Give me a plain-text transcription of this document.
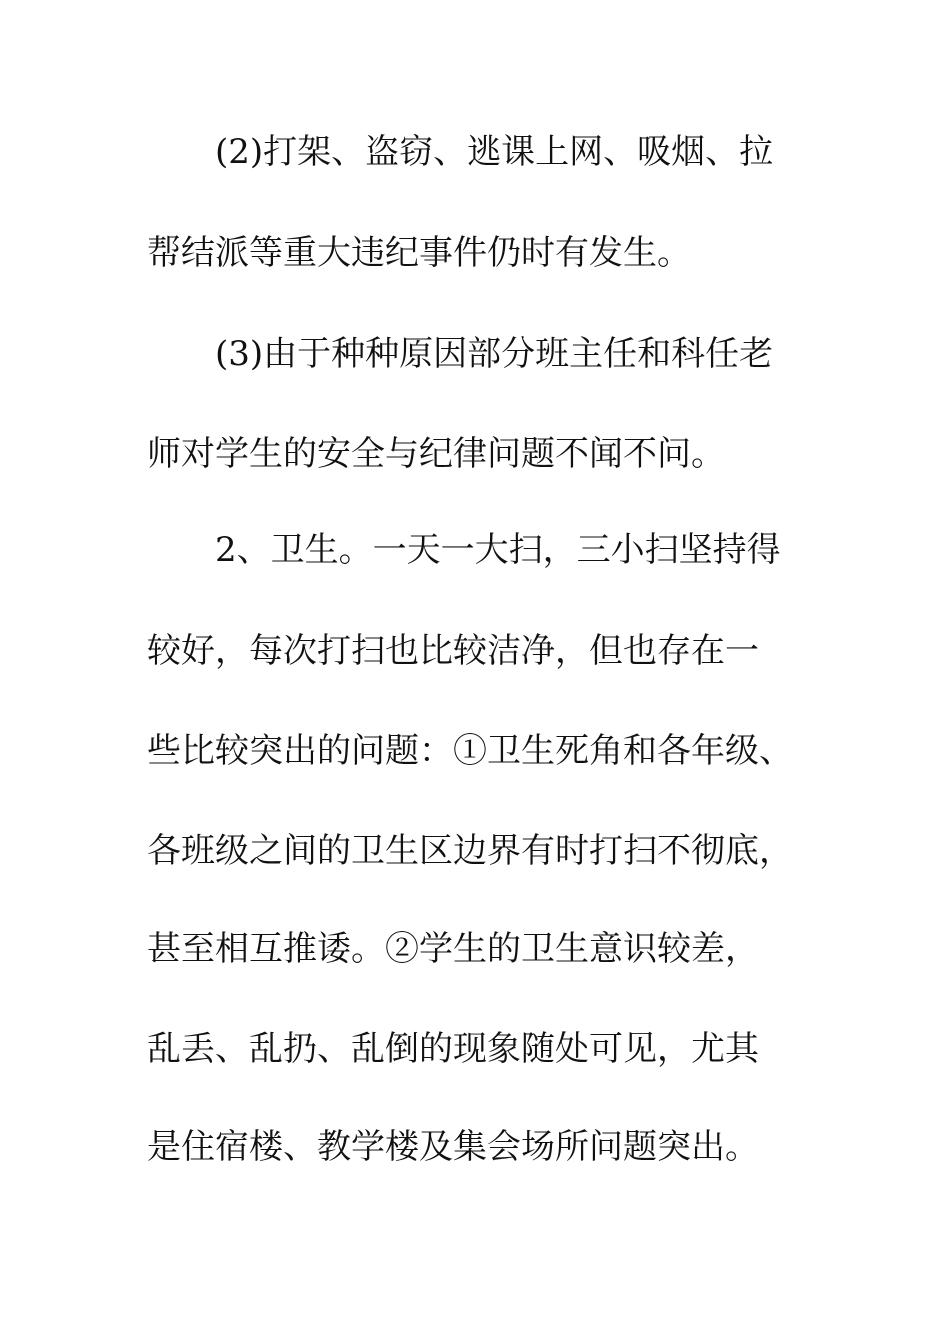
(2)打架、盗窃、逃课上网、吸烟、拉
帮结派等重大违纪事件仍时有发生。
(3)由于种种原因部分班主任和科任老
师对学生的安全与纪律问题不闻不问。
2、卫生。一天一大扫，三小扫坚持得
较好，每次打扫也比较洁净，但也存在一
些比较突出的问题：①卫生死角和各年级、
各班级之间的卫生区边界有时打扫不彻底，
甚至相互推诿。②学生的卫生意识较差，
乱丢、乱扔、乱倒的现象随处可见，尤其
是住宿楼、教学楼及集会场所问题突出。
